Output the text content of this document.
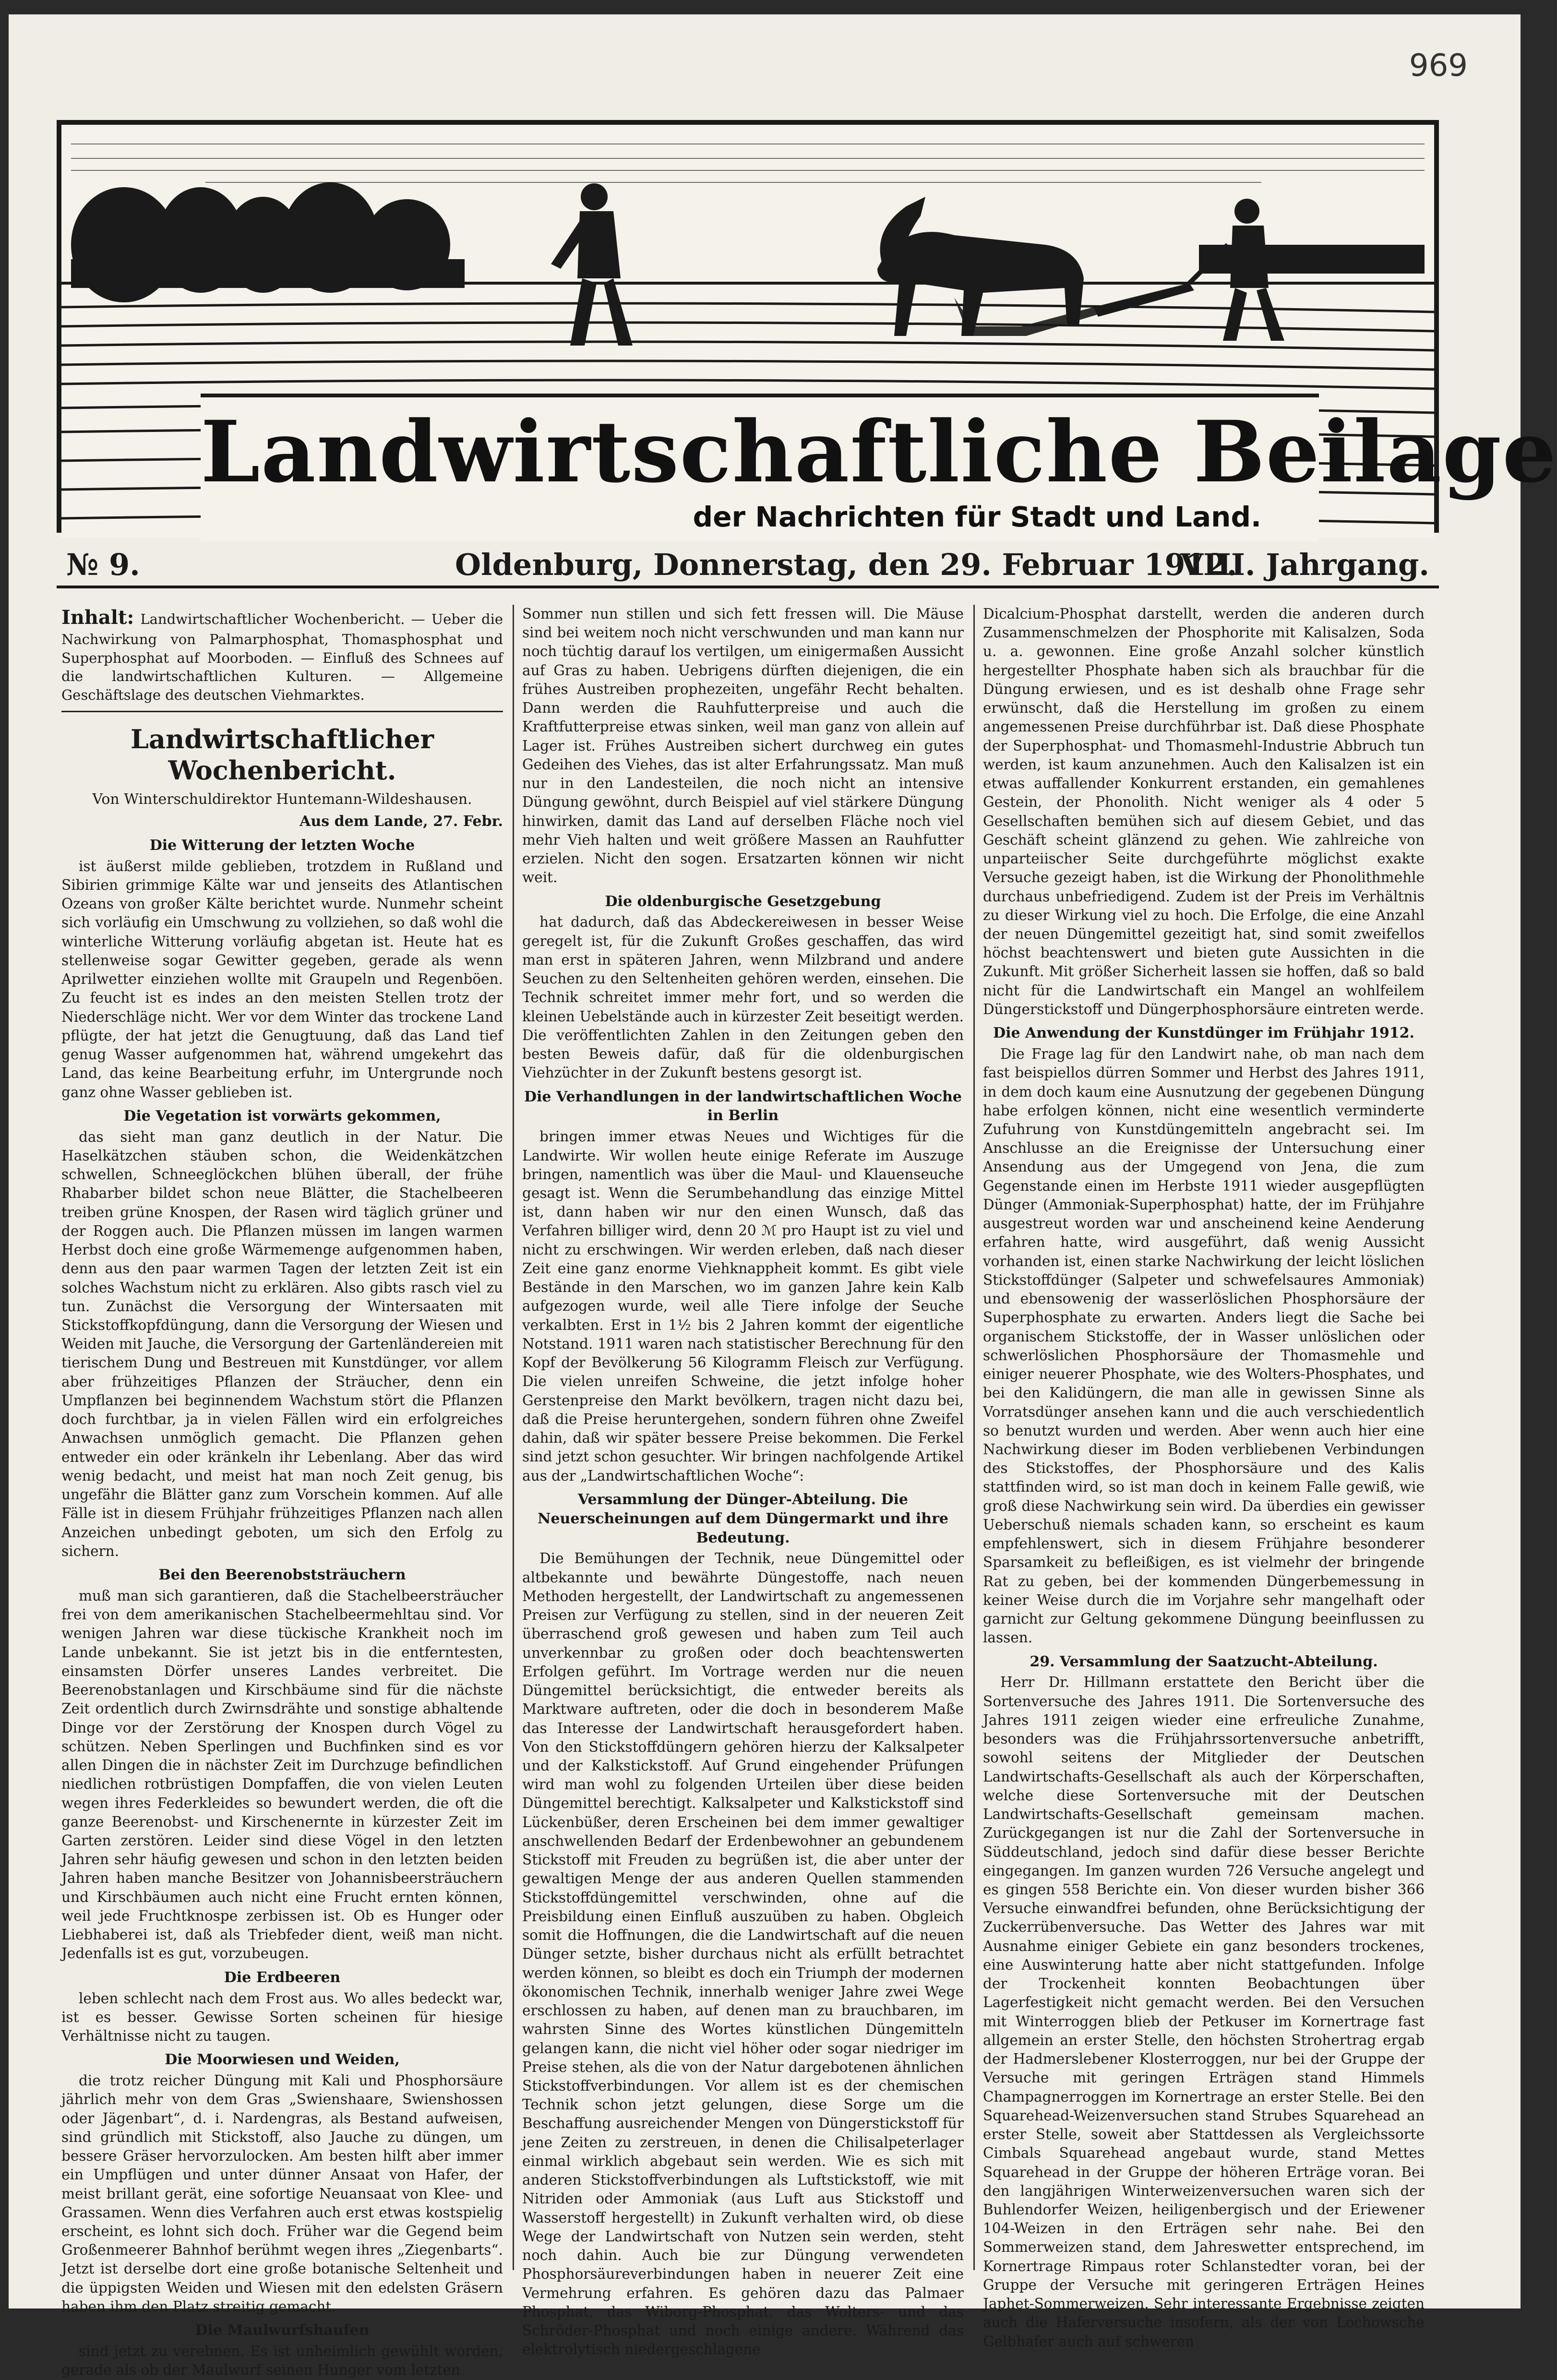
969
Landwirtschaftliche Beilage
der Nachrichten für Stadt und Land.
№ 9.	Oldenburg, Donnerstag, den 29. Februar 1912.
VIII. Jahrgang.

Inhalt: Landwirtschaftlicher Wochenbericht. — Ueber die Nachwirkung von Palmarphosphat, Thomasphosphat und Superphosphat auf Moorboden. — Einfluß des Schnees auf die landwirtschaftlichen Kulturen. — Allgemeine Geschäftslage des deutschen Viehmarktes.

Landwirtschaftlicher Wochenbericht.
Von Winterschuldirektor Huntemann-Wildeshausen.
Aus dem Lande, 27. Febr.
Die Witterung der letzten Woche

ist äußerst milde geblieben, trotzdem in Rußland und Sibirien grimmige Kälte war und jenseits des Atlantischen Ozeans von großer Kälte berichtet wurde. Nunmehr scheint sich vorläufig ein Umschwung zu vollziehen, so daß wohl die winterliche Witterung vorläufig abgetan ist. Heute hat es stellenweise sogar Gewitter gegeben, gerade als wenn Aprilwetter einziehen wollte mit Graupeln und Regenböen. Zu feucht ist es indes an den meisten Stellen trotz der Niederschläge nicht. Wer vor dem Winter das trockene Land pflügte, der hat jetzt die Genugtuung, daß das Land tief genug Wasser aufgenommen hat, während umgekehrt das Land, das keine Bearbeitung erfuhr, im Untergrunde noch ganz ohne Wasser geblieben ist.

Die Vegetation ist vorwärts gekommen,

das sieht man ganz deutlich in der Natur. Die Haselkätzchen stäuben schon, die Weidenkätzchen schwellen, Schneeglöckchen blühen überall, der frühe Rhabarber bildet schon neue Blätter, die Stachelbeeren treiben grüne Knospen, der Rasen wird täglich grüner und der Roggen auch. Die Pflanzen müssen im langen warmen Herbst doch eine große Wärmemenge aufgenommen haben, denn aus den paar warmen Tagen der letzten Zeit ist ein solches Wachstum nicht zu erklären. Also gibts rasch viel zu tun. Zunächst die Versorgung der Wintersaaten mit Stickstoffkopfdüngung, dann die Versorgung der Wiesen und Weiden mit Jauche, die Versorgung der Gartenländereien mit tierischem Dung und Bestreuen mit Kunstdünger, vor allem aber frühzeitiges Pflanzen der Sträucher, denn ein Umpflanzen bei beginnendem Wachstum stört die Pflanzen doch furchtbar, ja in vielen Fällen wird ein erfolgreiches Anwachsen unmöglich gemacht. Die Pflanzen gehen entweder ein oder kränkeln ihr Lebenlang. Aber das wird wenig bedacht, und meist hat man noch Zeit genug, bis ungefähr die Blätter ganz zum Vorschein kommen. Auf alle Fälle ist in diesem Frühjahr frühzeitiges Pflanzen nach allen Anzeichen unbedingt geboten, um sich den Erfolg zu sichern.

Bei den Beerenobststräuchern

muß man sich garantieren, daß die Stachelbeersträucher frei von dem amerikanischen Stachelbeermehltau sind. Vor wenigen Jahren war diese tückische Krankheit noch im Lande unbekannt. Sie ist jetzt bis in die entferntesten, einsamsten Dörfer unseres Landes verbreitet. Die Beerenobstanlagen und Kirschbäume sind für die nächste Zeit ordentlich durch Zwirnsdrähte und sonstige abhaltende Dinge vor der Zerstörung der Knospen durch Vögel zu schützen. Neben Sperlingen und Buchfinken sind es vor allen Dingen die in nächster Zeit im Durchzuge befindlichen niedlichen rotbrüstigen Dompfaffen, die von vielen Leuten wegen ihres Federkleides so bewundert werden, die oft die ganze Beerenobst- und Kirschenernte in kürzester Zeit im Garten zerstören. Leider sind diese Vögel in den letzten Jahren sehr häufig gewesen und schon in den letzten beiden Jahren haben manche Besitzer von Johannisbeersträuchern und Kirschbäumen auch nicht eine Frucht ernten können, weil jede Fruchtknospe zerbissen ist. Ob es Hunger oder Liebhaberei ist, daß als Triebfeder dient, weiß man nicht. Jedenfalls ist es gut, vorzubeugen.

Die Erdbeeren

leben schlecht nach dem Frost aus. Wo alles bedeckt war, ist es besser. Gewisse Sorten scheinen für hiesige Verhältnisse nicht zu taugen.

Die Moorwiesen und Weiden,

die trotz reicher Düngung mit Kali und Phosphorsäure jährlich mehr von dem Gras „Swienshaare, Swienshossen oder Jägenbart“, d. i. Nardengras, als Bestand aufweisen, sind gründlich mit Stickstoff, also Jauche zu düngen, um bessere Gräser hervorzulocken. Am besten hilft aber immer ein Umpflügen und unter dünner Ansaat von Hafer, der meist brillant gerät, eine sofortige Neuansaat von Klee- und Grassamen. Wenn dies Verfahren auch erst etwas kostspielig erscheint, es lohnt sich doch. Früher war die Gegend beim Großenmeerer Bahnhof berühmt wegen ihres „Ziegenbarts“. Jetzt ist derselbe dort eine große botanische Seltenheit und die üppigsten Weiden und Wiesen mit den edelsten Gräsern haben ihm den Platz streitig gemacht.

Die Maulwurfshaufen

sind jetzt zu verebnen. Es ist unheimlich gewühlt worden, gerade als ob der Maulwurf seinen Hunger vom letzten

Sommer nun stillen und sich fett fressen will. Die Mäuse sind bei weitem noch nicht verschwunden und man kann nur noch tüchtig darauf los vertilgen, um einigermaßen Aussicht auf Gras zu haben. Uebrigens dürften diejenigen, die ein frühes Austreiben prophezeiten, ungefähr Recht behalten. Dann werden die Rauhfutterpreise und auch die Kraftfutterpreise etwas sinken, weil man ganz von allein auf Lager ist. Frühes Austreiben sichert durchweg ein gutes Gedeihen des Viehes, das ist alter Erfahrungssatz. Man muß nur in den Landesteilen, die noch nicht an intensive Düngung gewöhnt, durch Beispiel auf viel stärkere Düngung hinwirken, damit das Land auf derselben Fläche noch viel mehr Vieh halten und weit größere Massen an Rauhfutter erzielen. Nicht den sogen. Ersatzarten können wir nicht weit.

Die oldenburgische Gesetzgebung

hat dadurch, daß das Abdeckereiwesen in besser Weise geregelt ist, für die Zukunft Großes geschaffen, das wird man erst in späteren Jahren, wenn Milzbrand und andere Seuchen zu den Seltenheiten gehören werden, einsehen. Die Technik schreitet immer mehr fort, und so werden die kleinen Uebelstände auch in kürzester Zeit beseitigt werden. Die veröffentlichten Zahlen in den Zeitungen geben den besten Beweis dafür, daß für die oldenburgischen Viehzüchter in der Zukunft bestens gesorgt ist.

Die Verhandlungen in der landwirtschaftlichen Woche in Berlin

bringen immer etwas Neues und Wichtiges für die Landwirte. Wir wollen heute einige Referate im Auszuge bringen, namentlich was über die Maul- und Klauenseuche gesagt ist. Wenn die Serumbehandlung das einzige Mittel ist, dann haben wir nur den einen Wunsch, daß das Verfahren billiger wird, denn 20 ℳ pro Haupt ist zu viel und nicht zu erschwingen. Wir werden erleben, daß nach dieser Zeit eine ganz enorme Viehknappheit kommt. Es gibt viele Bestände in den Marschen, wo im ganzen Jahre kein Kalb aufgezogen wurde, weil alle Tiere infolge der Seuche verkalbten. Erst in 1½ bis 2 Jahren kommt der eigentliche Notstand. 1911 waren nach statistischer Berechnung für den Kopf der Bevölkerung 56 Kilogramm Fleisch zur Verfügung. Die vielen unreifen Schweine, die jetzt infolge hoher Gerstenpreise den Markt bevölkern, tragen nicht dazu bei, daß die Preise heruntergehen, sondern führen ohne Zweifel dahin, daß wir später bessere Preise bekommen. Die Ferkel sind jetzt schon gesuchter. Wir bringen nachfolgende Artikel aus der „Landwirtschaftlichen Woche“:

Versammlung der Dünger-Abteilung. Die Neuerscheinungen auf dem Düngermarkt und ihre Bedeutung.

Die Bemühungen der Technik, neue Düngemittel oder altbekannte und bewährte Düngestoffe, nach neuen Methoden hergestellt, der Landwirtschaft zu angemessenen Preisen zur Verfügung zu stellen, sind in der neueren Zeit überraschend groß gewesen und haben zum Teil auch unverkennbar zu großen oder doch beachtenswerten Erfolgen geführt. Im Vortrage werden nur die neuen Düngemittel berücksichtigt, die entweder bereits als Marktware auftreten, oder die doch in besonderem Maße das Interesse der Landwirtschaft herausgefordert haben. Von den Stickstoffdüngern gehören hierzu der Kalksalpeter und der Kalkstickstoff. Auf Grund eingehender Prüfungen wird man wohl zu folgenden Urteilen über diese beiden Düngemittel berechtigt. Kalksalpeter und Kalkstickstoff sind Lückenbüßer, deren Erscheinen bei dem immer gewaltiger anschwellenden Bedarf der Erdenbewohner an gebundenem Stickstoff mit Freuden zu begrüßen ist, die aber unter der gewaltigen Menge der aus anderen Quellen stammenden Stickstoffdüngemittel verschwinden, ohne auf die Preisbildung einen Einfluß auszuüben zu haben. Obgleich somit die Hoffnungen, die die Landwirtschaft auf die neuen Dünger setzte, bisher durchaus nicht als erfüllt betrachtet werden können, so bleibt es doch ein Triumph der modernen ökonomischen Technik, innerhalb weniger Jahre zwei Wege erschlossen zu haben, auf denen man zu brauchbaren, im wahrsten Sinne des Wortes künstlichen Düngemitteln gelangen kann, die nicht viel höher oder sogar niedriger im Preise stehen, als die von der Natur dargebotenen ähnlichen Stickstoffverbindungen. Vor allem ist es der chemischen Technik schon jetzt gelungen, diese Sorge um die Beschaffung ausreichender Mengen von Düngerstickstoff für jene Zeiten zu zerstreuen, in denen die Chilisalpeterlager einmal wirklich abgebaut sein werden. Wie es sich mit anderen Stickstoffverbindungen als Luftstickstoff, wie mit Nitriden oder Ammoniak (aus Luft aus Stickstoff und Wasserstoff hergestellt) in Zukunft verhalten wird, ob diese Wege der Landwirtschaft von Nutzen sein werden, steht noch dahin. Auch bie zur Düngung verwendeten Phosphorsäureverbindungen haben in neuerer Zeit eine Vermehrung erfahren. Es gehören dazu das Palmaer Phosphat, das Wiborg-Phosphat, das Wolters- und das Schröder-Phosphat und noch einige andere. Während das elektrolytisch niedergeschlagene

Dicalcium-Phosphat darstellt, werden die anderen durch Zusammenschmelzen der Phosphorite mit Kalisalzen, Soda u. a. gewonnen. Eine große Anzahl solcher künstlich hergestellter Phosphate haben sich als brauchbar für die Düngung erwiesen, und es ist deshalb ohne Frage sehr erwünscht, daß die Herstellung im großen zu einem angemessenen Preise durchführbar ist. Daß diese Phosphate der Superphosphat- und Thomasmehl-Industrie Abbruch tun werden, ist kaum anzunehmen. Auch den Kalisalzen ist ein etwas auffallender Konkurrent erstanden, ein gemahlenes Gestein, der Phonolith. Nicht weniger als 4 oder 5 Gesellschaften bemühen sich auf diesem Gebiet, und das Geschäft scheint glänzend zu gehen. Wie zahlreiche von unparteiischer Seite durchgeführte möglichst exakte Versuche gezeigt haben, ist die Wirkung der Phonolithmehle durchaus unbefriedigend. Zudem ist der Preis im Verhältnis zu dieser Wirkung viel zu hoch. Die Erfolge, die eine Anzahl der neuen Düngemittel gezeitigt hat, sind somit zweifellos höchst beachtenswert und bieten gute Aussichten in die Zukunft. Mit größer Sicherheit lassen sie hoffen, daß so bald nicht für die Landwirtschaft ein Mangel an wohlfeilem Düngerstickstoff und Düngerphosphorsäure eintreten werde.

Die Anwendung der Kunstdünger im Frühjahr 1912.

Die Frage lag für den Landwirt nahe, ob man nach dem fast beispiellos dürren Sommer und Herbst des Jahres 1911, in dem doch kaum eine Ausnutzung der gegebenen Düngung habe erfolgen können, nicht eine wesentlich verminderte Zufuhrung von Kunstdüngemitteln angebracht sei. Im Anschlusse an die Ereignisse der Untersuchung einer Ansendung aus der Umgegend von Jena, die zum Gegenstande einen im Herbste 1911 wieder ausgepflügten Dünger (Ammoniak-Superphosphat) hatte, der im Frühjahre ausgestreut worden war und anscheinend keine Aenderung erfahren hatte, wird ausgeführt, daß wenig Aussicht vorhanden ist, einen starke Nachwirkung der leicht löslichen Stickstoffdünger (Salpeter und schwefelsaures Ammoniak) und ebensowenig der wasserlöslichen Phosphorsäure der Superphosphate zu erwarten. Anders liegt die Sache bei organischem Stickstoffe, der in Wasser unlöslichen oder schwerlöslichen Phosphorsäure der Thomasmehle und einiger neuerer Phosphate, wie des Wolters-Phosphates, und bei den Kalidüngern, die man alle in gewissen Sinne als Vorratsdünger ansehen kann und die auch verschiedentlich so benutzt wurden und werden. Aber wenn auch hier eine Nachwirkung dieser im Boden verbliebenen Verbindungen des Stickstoffes, der Phosphorsäure und des Kalis stattfinden wird, so ist man doch in keinem Falle gewiß, wie groß diese Nachwirkung sein wird. Da überdies ein gewisser Ueberschuß niemals schaden kann, so erscheint es kaum empfehlenswert, sich in diesem Frühjahre besonderer Sparsamkeit zu befleißigen, es ist vielmehr der bringende Rat zu geben, bei der kommenden Düngerbemessung in keiner Weise durch die im Vorjahre sehr mangelhaft oder garnicht zur Geltung gekommene Düngung beeinflussen zu lassen.

29. Versammlung der Saatzucht-Abteilung.

Herr Dr. Hillmann erstattete den Bericht über die Sortenversuche des Jahres 1911. Die Sortenversuche des Jahres 1911 zeigen wieder eine erfreuliche Zunahme, besonders was die Frühjahrssortenversuche anbetrifft, sowohl seitens der Mitglieder der Deutschen Landwirtschafts-Gesellschaft als auch der Körperschaften, welche diese Sortenversuche mit der Deutschen Landwirtschafts-Gesellschaft gemeinsam machen. Zurückgegangen ist nur die Zahl der Sortenversuche in Süddeutschland, jedoch sind dafür diese besser Berichte eingegangen. Im ganzen wurden 726 Versuche angelegt und es gingen 558 Berichte ein. Von dieser wurden bisher 366 Versuche einwandfrei befunden, ohne Berücksichtigung der Zuckerrübenversuche. Das Wetter des Jahres war mit Ausnahme einiger Gebiete ein ganz besonders trockenes, eine Auswinterung hatte aber nicht stattgefunden. Infolge der Trockenheit konnten Beobachtungen über Lagerfestigkeit nicht gemacht werden. Bei den Versuchen mit Winterroggen blieb der Petkuser im Kornertrage fast allgemein an erster Stelle, den höchsten Strohertrag ergab der Hadmerslebener Klosterroggen, nur bei der Gruppe der Versuche mit geringen Erträgen stand Himmels Champagnerroggen im Kornertrage an erster Stelle. Bei den Squarehead-Weizenversuchen stand Strubes Squarehead an erster Stelle, soweit aber Stattdessen als Vergleichssorte Cimbals Squarehead angebaut wurde, stand Mettes Squarehead in der Gruppe der höheren Erträge voran. Bei den langjährigen Winterweizenversuchen waren sich der Buhlendorfer Weizen, heiligenbergisch und der Eriewener 104-Weizen in den Erträgen sehr nahe. Bei den Sommerweizen stand, dem Jahreswetter entsprechend, im Kornertrage Rimpaus roter Schlanstedter voran, bei der Gruppe der Versuche mit geringeren Erträgen Heines Japhet-Sommerweizen. Sehr interessante Ergebnisse zeigten auch die Haferversuche insofern, als der von Lochowsche Gelbhafer auch auf schweren
